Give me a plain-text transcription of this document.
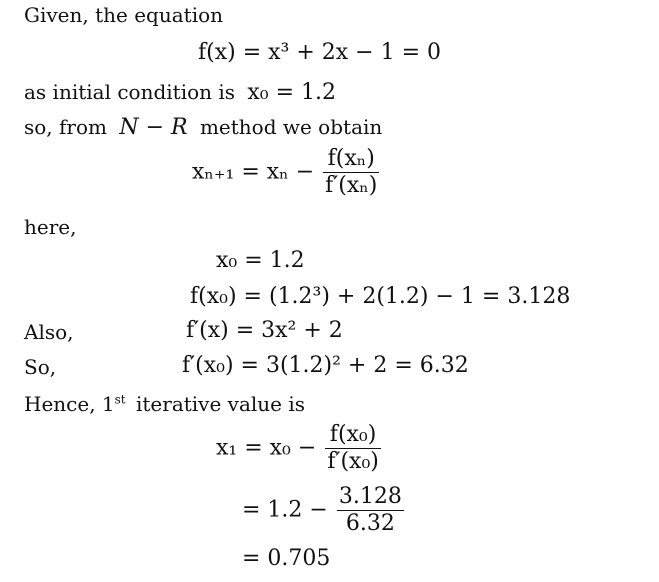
Given, the equation
f(x) = x³ + 2x − 1 = 0
as initial condition is x₀ = 1.2
so, from N − R method we obtain
$x_{n+1} = x_n - \frac{\text{f(xₙ)}}{\text{f′(xₙ)}}$
here,
x₀ = 1.2
f(x₀) = (1.2³) + 2(1.2) − 1 = 3.128
Also,	f′(x) = 3x² + 2
So,	f′(x₀) = 3(1.2)² + 2 = 6.32
Hence, 1st iterative value is
$x_1 = x_0 - \frac{\text{f(x₀)}}{\text{f′(x₀)}}$
= $1.2 - \frac{3.128}{6.32}$
= 0.705
